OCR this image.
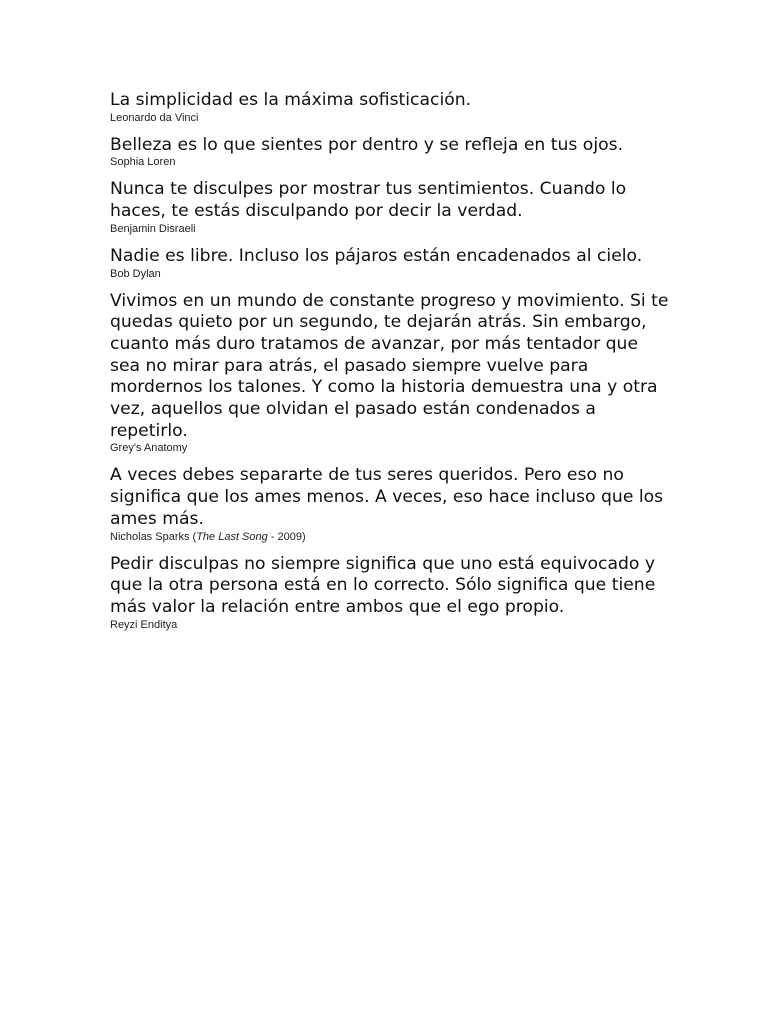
La simplicidad es la máxima sofisticación.

Leonardo da Vinci

Belleza es lo que sientes por dentro y se refleja en tus ojos.

Sophia Loren

Nunca te disculpes por mostrar tus sentimientos. Cuando lo haces, te estás disculpando por decir la verdad.

Benjamin Disraeli

Nadie es libre. Incluso los pájaros están encadenados al cielo.

Bob Dylan

Vivimos en un mundo de constante progreso y movimiento. Si te quedas quieto por un segundo, te dejarán atrás. Sin embargo, cuanto más duro tratamos de avanzar, por más tentador que sea no mirar para atrás, el pasado siempre vuelve para mordernos los talones. Y como la historia demuestra una y otra vez, aquellos que olvidan el pasado están condenados a repetirlo.

Grey's Anatomy

A veces debes separarte de tus seres queridos. Pero eso no significa que los ames menos. A veces, eso hace incluso que los ames más.

Nicholas Sparks (The Last Song - 2009)

Pedir disculpas no siempre significa que uno está equivocado y que la otra persona está en lo correcto. Sólo significa que tiene más valor la relación entre ambos que el ego propio.

Reyzi Enditya
